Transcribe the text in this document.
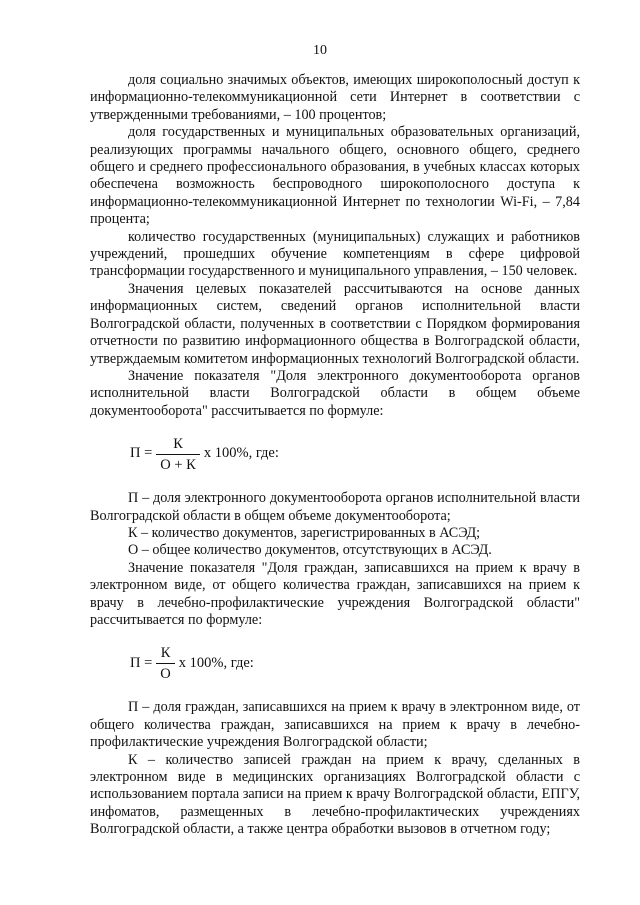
10

доля социально значимых объектов, имеющих широкополосный доступ к информационно-телекоммуникационной сети Интернет в соответствии с утвержденными требованиями, – 100 процентов;

доля государственных и муниципальных образовательных организаций, реализующих программы начального общего, основного общего, среднего общего и среднего профессионального образования, в учебных классах которых обеспечена возможность беспроводного широкополосного доступа к информационно-телекоммуникационной Интернет по технологии Wi-Fi, – 7,84 процента;

количество государственных (муниципальных) служащих и работников учреждений, прошедших обучение компетенциям в сфере цифровой трансформации государственного и муниципального управления, – 150 человек.

Значения целевых показателей рассчитываются на основе данных информационных систем, сведений органов исполнительной власти Волгоградской области, полученных в соответствии с Порядком формирования отчетности по развитию информационного общества в Волгоградской области, утверждаемым комитетом информационных технологий Волгоградской области.

Значение показателя "Доля электронного документооборота органов исполнительной власти Волгоградской области в общем объеме документооборота" рассчитывается по формуле:

$П = \frac{К}{О + К}$ х 100%, где:

П – доля электронного документооборота органов исполнительной власти Волгоградской области в общем объеме документооборота;

К – количество документов, зарегистрированных в АСЭД;

О – общее количество документов, отсутствующих в АСЭД.

Значение показателя "Доля граждан, записавшихся на прием к врачу в электронном виде, от общего количества граждан, записавшихся на прием к врачу в лечебно-профилактические учреждения Волгоградской области" рассчитывается по формуле:

$П = \frac{К}{О}$ х 100%, где:

П – доля граждан, записавшихся на прием к врачу в электронном виде, от общего количества граждан, записавшихся на прием к врачу в лечебно-профилактические учреждения Волгоградской области;

К – количество записей граждан на прием к врачу, сделанных в электронном виде в медицинских организациях Волгоградской области с использованием портала записи на прием к врачу Волгоградской области, ЕПГУ, инфоматов, размещенных в лечебно-профилактических учреждениях Волгоградской области, а также центра обработки вызовов в отчетном году;
